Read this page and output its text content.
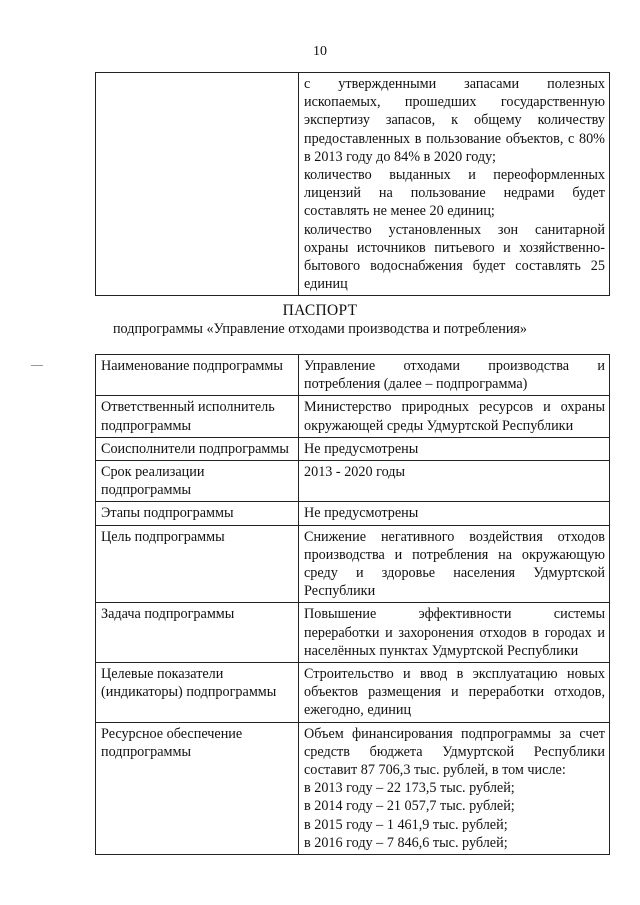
10

с утвержденными запасами полезных ископаемых, прошедших государственную экспертизу запасов, к общему количеству предоставленных в пользование объектов, с 80% в 2013 году до 84% в 2020 году;
количество выданных и переоформленных лицензий на пользование недрами будет составлять не менее 20 единиц;
количество установленных зон санитарной охраны источников питьевого и хозяйственно-бытового водоснабжения будет составлять 25 единиц
ПАСПОРТ
подпрограммы «Управление отходами производства и потребления»
Наименование подпрограммы	Управление отходами производства и потребления (далее – подпрограмма)
Ответственный исполнитель подпрограммы	Министерство природных ресурсов и охраны окружающей среды Удмуртской Республики
Соисполнители подпрограммы	Не предусмотрены
Срок реализации подпрограммы	2013 - 2020 годы
Этапы подпрограммы	Не предусмотрены
Цель подпрограммы	Снижение негативного воздействия отходов производства и потребления на окружающую среду и здоровье населения Удмуртской Республики
Задача подпрограммы	Повышение эффективности системы переработки и захоронения отходов в городах и населённых пунктах Удмуртской Республики
Целевые показатели (индикаторы) подпрограммы	Строительство и ввод в эксплуатацию новых объектов размещения и переработки отходов, ежегодно, единиц
Ресурсное обеспечение подпрограммы	Объем финансирования подпрограммы за счет средств бюджета Удмуртской Республики составит 87 706,3 тыс. рублей, в том числе:
в 2013 году – 22 173,5 тыс. рублей;
в 2014 году – 21 057,7 тыс. рублей;
в 2015 году – 1 461,9 тыс. рублей;
в 2016 году – 7 846,6 тыс. рублей;
